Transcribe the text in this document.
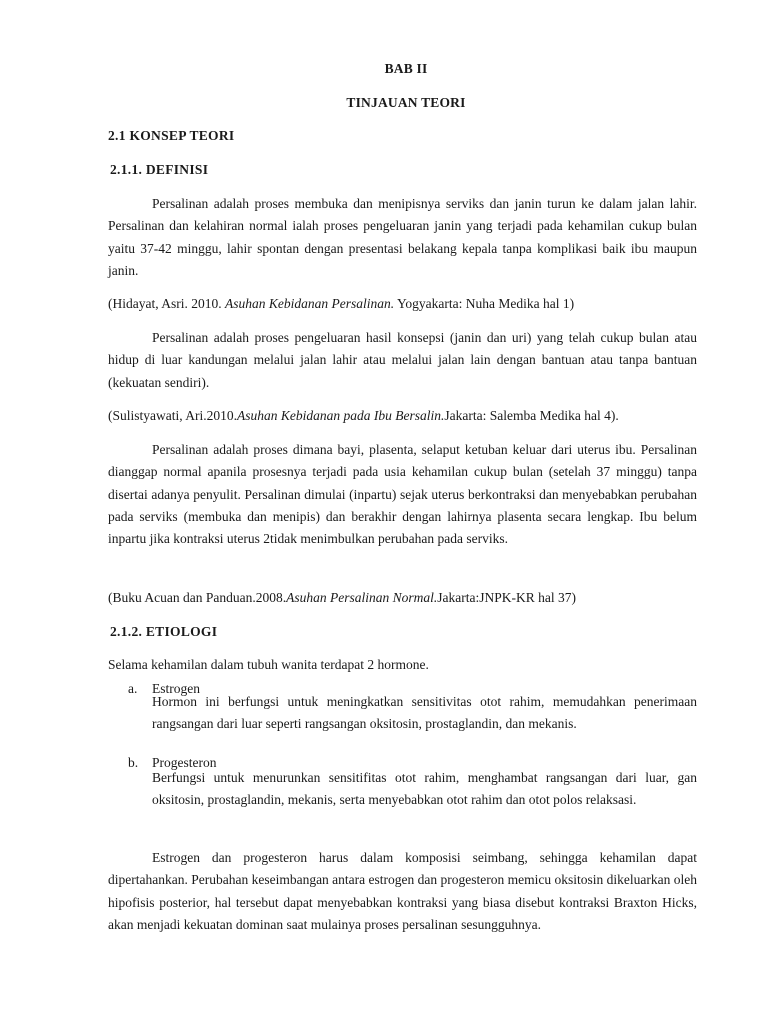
BAB II
TINJAUAN TEORI
2.1 KONSEP TEORI
2.1.1. DEFINISI
Persalinan adalah proses membuka dan menipisnya serviks dan janin turun ke dalam jalan lahir. Persalinan dan kelahiran normal ialah proses pengeluaran janin yang terjadi pada kehamilan cukup bulan yaitu 37-42 minggu, lahir spontan dengan presentasi belakang kepala tanpa komplikasi baik ibu maupun janin.
(Hidayat, Asri. 2010. Asuhan Kebidanan Persalinan. Yogyakarta: Nuha Medika hal 1)
Persalinan adalah proses pengeluaran hasil konsepsi (janin dan uri) yang telah cukup bulan atau hidup di luar kandungan melalui jalan lahir atau melalui jalan lain dengan bantuan atau tanpa bantuan (kekuatan sendiri).
(Sulistyawati, Ari.2010.Asuhan Kebidanan pada Ibu Bersalin.Jakarta: Salemba Medika hal 4).
Persalinan adalah proses dimana bayi, plasenta, selaput ketuban keluar dari uterus ibu. Persalinan dianggap normal apanila prosesnya terjadi pada usia kehamilan cukup bulan (setelah 37 minggu) tanpa disertai adanya penyulit. Persalinan dimulai (inpartu) sejak uterus berkontraksi dan menyebabkan perubahan pada serviks (membuka dan menipis) dan berakhir dengan lahirnya plasenta secara lengkap. Ibu belum inpartu jika kontraksi uterus 2tidak menimbulkan perubahan pada serviks.
(Buku Acuan dan Panduan.2008.Asuhan Persalinan Normal.Jakarta:JNPK-KR hal 37)
2.1.2. ETIOLOGI
Selama kehamilan dalam tubuh wanita terdapat 2 hormone.
a. Estrogen
Hormon ini berfungsi untuk meningkatkan sensitivitas otot rahim, memudahkan penerimaan rangsangan dari luar seperti rangsangan oksitosin, prostaglandin, dan mekanis.
b. Progesteron
Berfungsi untuk menurunkan sensitifitas otot rahim, menghambat rangsangan dari luar, gan oksitosin, prostaglandin, mekanis, serta menyebabkan otot rahim dan otot polos relaksasi.
Estrogen dan progesteron harus dalam komposisi seimbang, sehingga kehamilan dapat dipertahankan. Perubahan keseimbangan antara estrogen dan progesteron memicu oksitosin dikeluarkan oleh hipofisis posterior, hal tersebut dapat menyebabkan kontraksi yang biasa disebut kontraksi Braxton Hicks, akan menjadi kekuatan dominan saat mulainya proses persalinan sesungguhnya.
